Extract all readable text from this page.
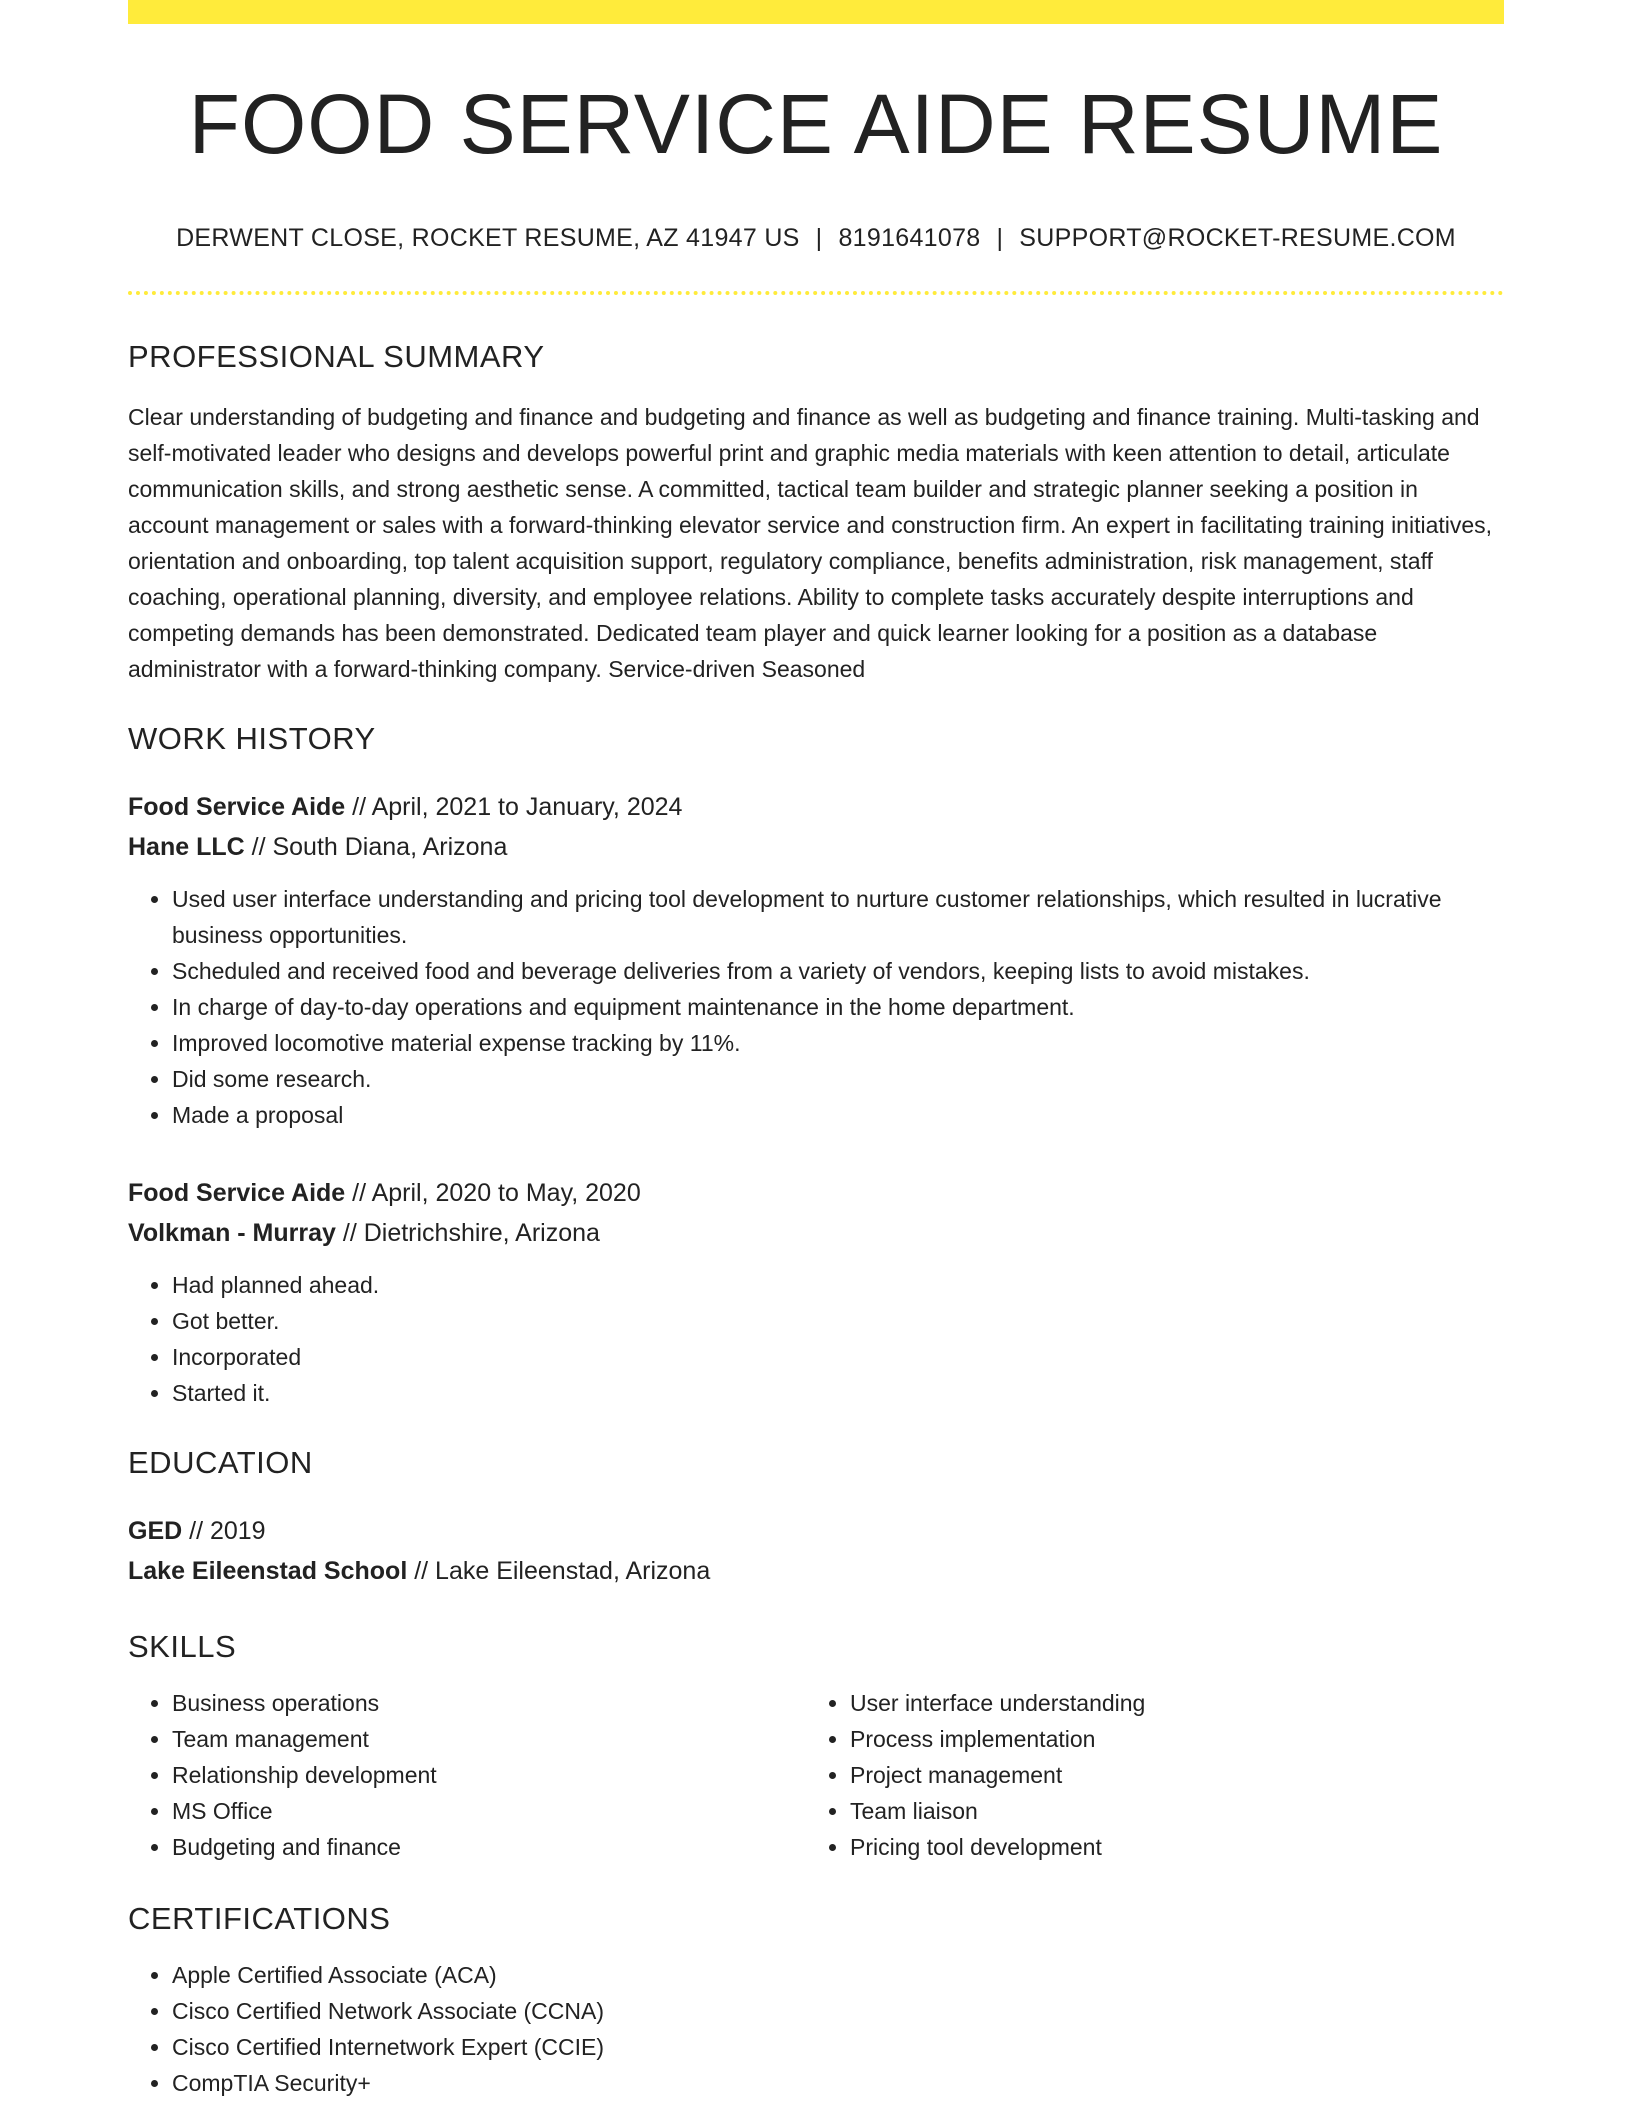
FOOD SERVICE AIDE RESUME
DERWENT CLOSE, ROCKET RESUME, AZ 41947 US | 8191641078 | SUPPORT@ROCKET-RESUME.COM
PROFESSIONAL SUMMARY

Clear understanding of budgeting and finance and budgeting and finance as well as budgeting and finance training. Multi-tasking and self-motivated leader who designs and develops powerful print and graphic media materials with keen attention to detail, articulate communication skills, and strong aesthetic sense. A committed, tactical team builder and strategic planner seeking a position in account management or sales with a forward-thinking elevator service and construction firm. An expert in facilitating training initiatives, orientation and onboarding, top talent acquisition support, regulatory compliance, benefits administration, risk management, staff coaching, operational planning, diversity, and employee relations. Ability to complete tasks accurately despite interruptions and competing demands has been demonstrated. Dedicated team player and quick learner looking for a position as a database administrator with a forward-thinking company. Service-driven Seasoned

WORK HISTORY
Food Service Aide // April, 2021 to January, 2024
Hane LLC // South Diana, Arizona
• Used user interface understanding and pricing tool development to nurture customer relationships, which resulted in lucrative business opportunities.
• Scheduled and received food and beverage deliveries from a variety of vendors, keeping lists to avoid mistakes.
• In charge of day-to-day operations and equipment maintenance in the home department.
• Improved locomotive material expense tracking by 11%.
• Did some research.
• Made a proposal
Food Service Aide // April, 2020 to May, 2020
Volkman - Murray // Dietrichshire, Arizona
• Had planned ahead.
• Got better.
• Incorporated
• Started it.
EDUCATION
GED // 2019
Lake Eileenstad School // Lake Eileenstad, Arizona
SKILLS
• Business operations
• Team management
• Relationship development
• MS Office
• Budgeting and finance
• User interface understanding
• Process implementation
• Project management
• Team liaison
• Pricing tool development
CERTIFICATIONS
• Apple Certified Associate (ACA)
• Cisco Certified Network Associate (CCNA)
• Cisco Certified Internetwork Expert (CCIE)
• CompTIA Security+
